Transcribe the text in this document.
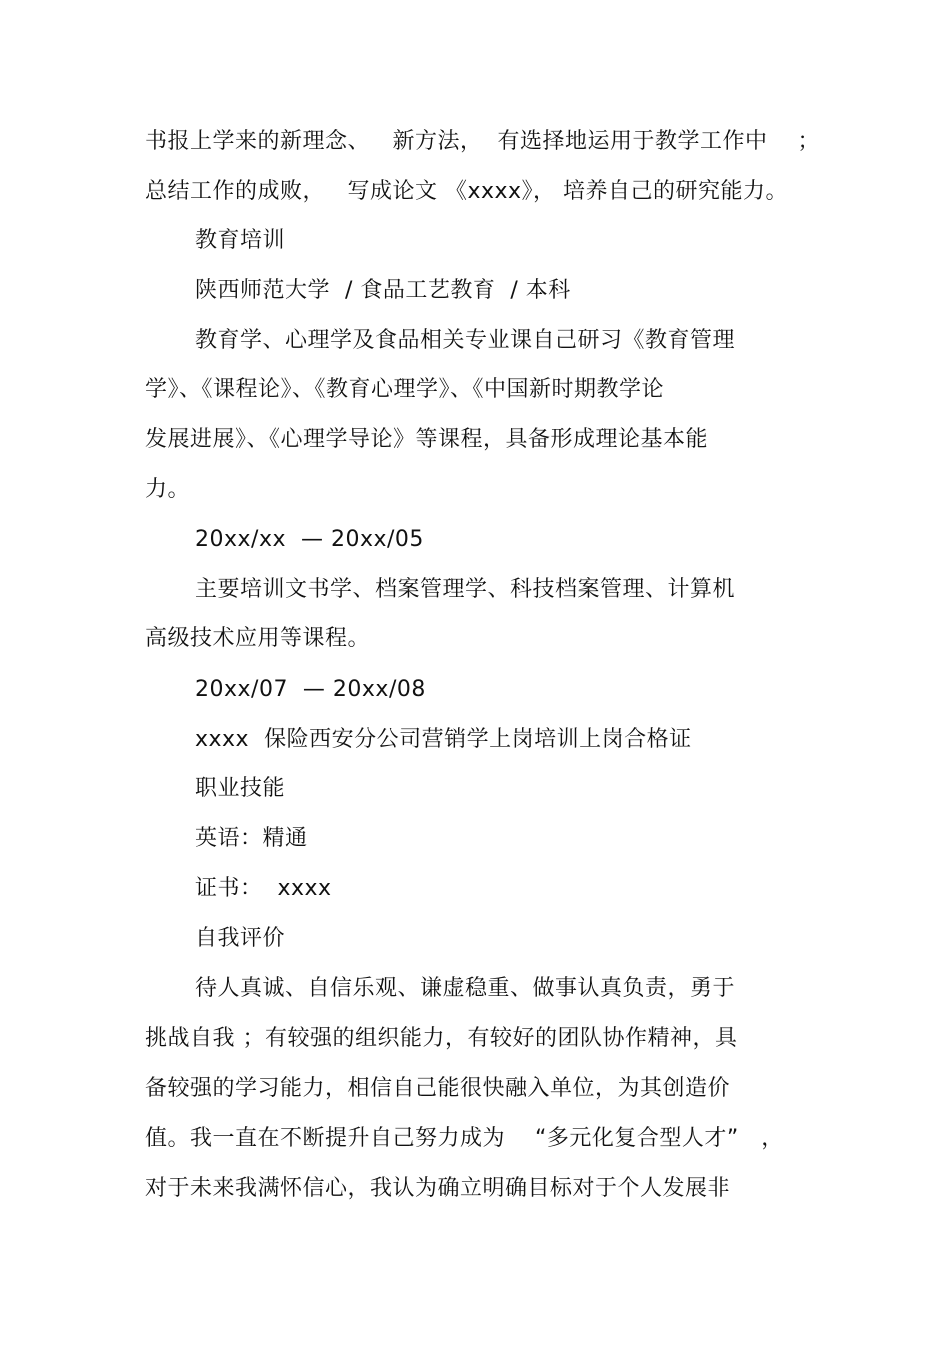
书报上学来的新理念、   新方法，  有选择地运用于教学工作中    ；
总结工作的成败，   写成论文 《xxxx》， 培养自己的研究能力。
教育培训
陕西师范大学  / 食品工艺教育  / 本科
教育学、心理学及食品相关专业课自己研习《教育管理
学》、《课程论》、《教育心理学》、《中国新时期教学论
发展进展》、《心理学导论》等课程，具备形成理论基本能
力。
20xx/xx  — 20xx/05
主要培训文书学、档案管理学、科技档案管理、计算机
高级技术应用等课程。
20xx/07  — 20xx/08
xxxx  保险西安分公司营销学上岗培训上岗合格证
职业技能
英语：精通
证书：  xxxx
自我评价
待人真诚、自信乐观、谦虚稳重、做事认真负责，勇于
挑战自我 ；有较强的组织能力，有较好的团队协作精神，具
备较强的学习能力，相信自己能很快融入单位，为其创造价
值。我一直在不断提升自己努力成为    “多元化复合型人才”   ，
对于未来我满怀信心，我认为确立明确目标对于个人发展非
